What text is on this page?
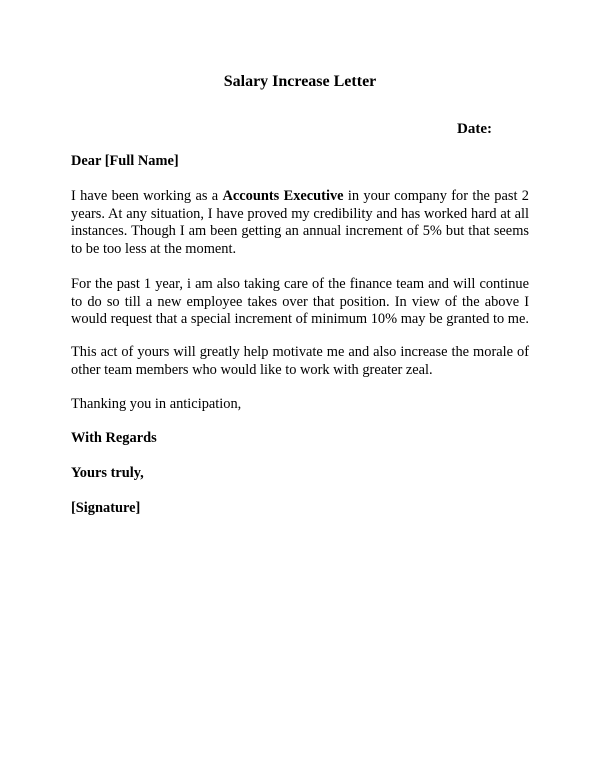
Salary Increase Letter
Date:
Dear [Full Name]
I have been working as a Accounts Executive in your company for the past 2 years. At any situation, I have proved my credibility and has worked hard at all instances. Though I am been getting an annual increment of 5% but that seems to be too less at the moment.
For the past 1 year, i am also taking care of the finance team and will continue to do so till a new employee takes over that position. In view of the above I would request that a special increment of minimum 10% may be granted to me.
This act of yours will greatly help motivate me and also increase the morale of other team members who would like to work with greater zeal.
Thanking you in anticipation,
With Regards
Yours truly,
[Signature]
